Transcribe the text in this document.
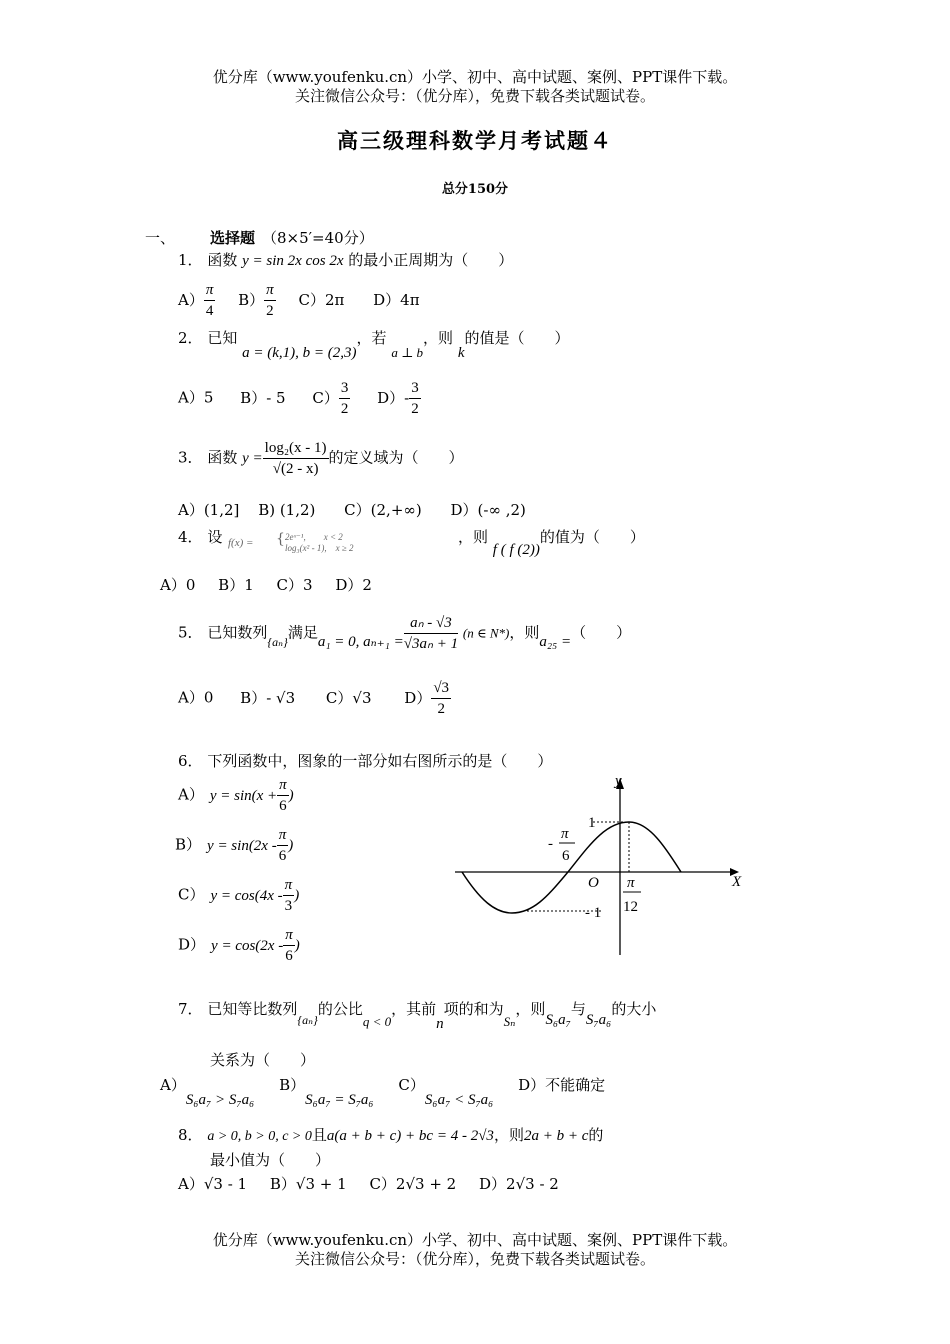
优分库（www.youfenku.cn）小学、初中、高中试题、案例、PPT课件下载。
关注微信公众号：（优分库），免费下载各类试题试卷。
高三级理科数学月考试题４
总分150分
一、 选择题 （8×5′=40分）
1． 函数 y = sin 2x cos 2x 的最小正周期为（　　）
$A) \frac{\pi}{4} B) \frac{\pi}{2} C)2\pi$ D）4π
2． 已知 a = (k,1), b = (2,3)，若 a ⊥ b，则 k的值是（　　）
A）5 B）- 5 $C) \frac{3}{2} D)- \frac{3}{2}$
3． 函数 $y = \frac{\text{log₂(x - 1)}}{√(2 - x)}$ 的定义域为（　　）
A）(1,2] B) (1,2) C）(2,+∞) D）(-∞ ,2)
4． 设 f(x) = { 2eˣ⁻¹,　　x < 2
log₃(x² - 1),　x ≥ 2
，则 f ( f (2))的值为（　　）
A）0 B）1 C）3 D）2
5． 已知数列$_{\{a_n\}}$满足a₁ = 0, $a_{n+1} = \frac{\text{aₙ - √3}}{\text{√3aₙ + 1}} (n$ ∈ N*)，则a₂₅ =（　　）
A）0 B）- √3 C）√3 $D) \frac{√3}{2}$
6． 下列函数中，图象的一部分如右图所示的是（　　）
A） $y = \sin(x + \frac{\pi}{6}$ )
B） $y = \sin(2x - \frac{\pi}{6}$ )
C） $y = \cos(4x - \frac{\pi}{3}$ )
D） $y = \cos(2x - \frac{\pi}{6}$ )
y
X
O
1
- 1
-
π
6
π
12
7． 已知等比数列$_{\{a_n\}}$的公比q < 0，其前n项的和为Sₙ，则S₆a₇与S₇a₆的大小
关系为（　　）
A）S₆a₇ > S₇a₆ B）S₆a₇ = S₇a₆ C）S₆a₇ < S₇a₆ D）不能确定
8． a > 0, b > 0, c > 0且a(a + b + c) + bc = 4 - 2√3，则2a + b + c的
最小值为（　　）
A）√3 - 1 B）√3 + 1 C）2√3 + 2 D）2√3 - 2
优分库（www.youfenku.cn）小学、初中、高中试题、案例、PPT课件下载。
关注微信公众号：（优分库），免费下载各类试题试卷。
